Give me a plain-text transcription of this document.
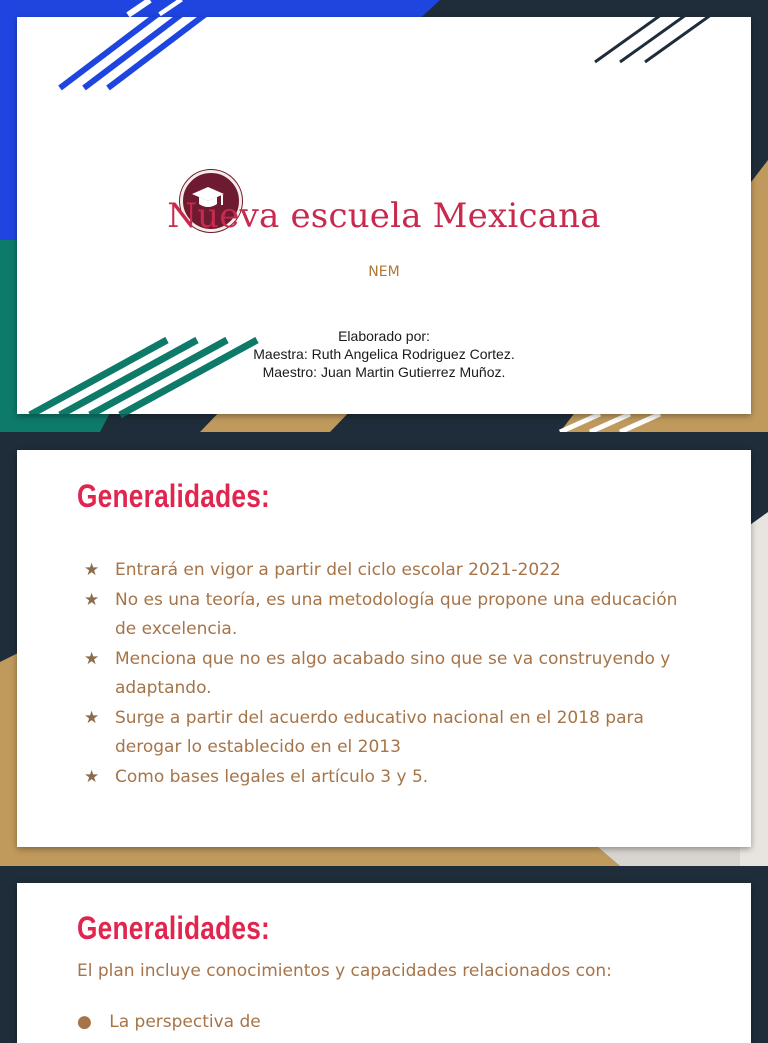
Nueva escuela Mexicana
NEM
Elaborado por:
Maestra: Ruth Angelica Rodriguez Cortez.
Maestro: Juan Martin Gutierrez Muñoz.
Generalidades:
★ Entrará en vigor a partir del ciclo escolar 2021-2022
★ No es una teoría, es una metodología que propone una educación de excelencia.
★ Menciona que no es algo acabado sino que se va construyendo y adaptando.
★ Surge a partir del acuerdo educativo nacional en el 2018 para derogar lo establecido en el 2013
★ Como bases legales el artículo 3 y 5.
Generalidades:
El plan incluye conocimientos y capacidades relacionados con:
● La perspectiva de
